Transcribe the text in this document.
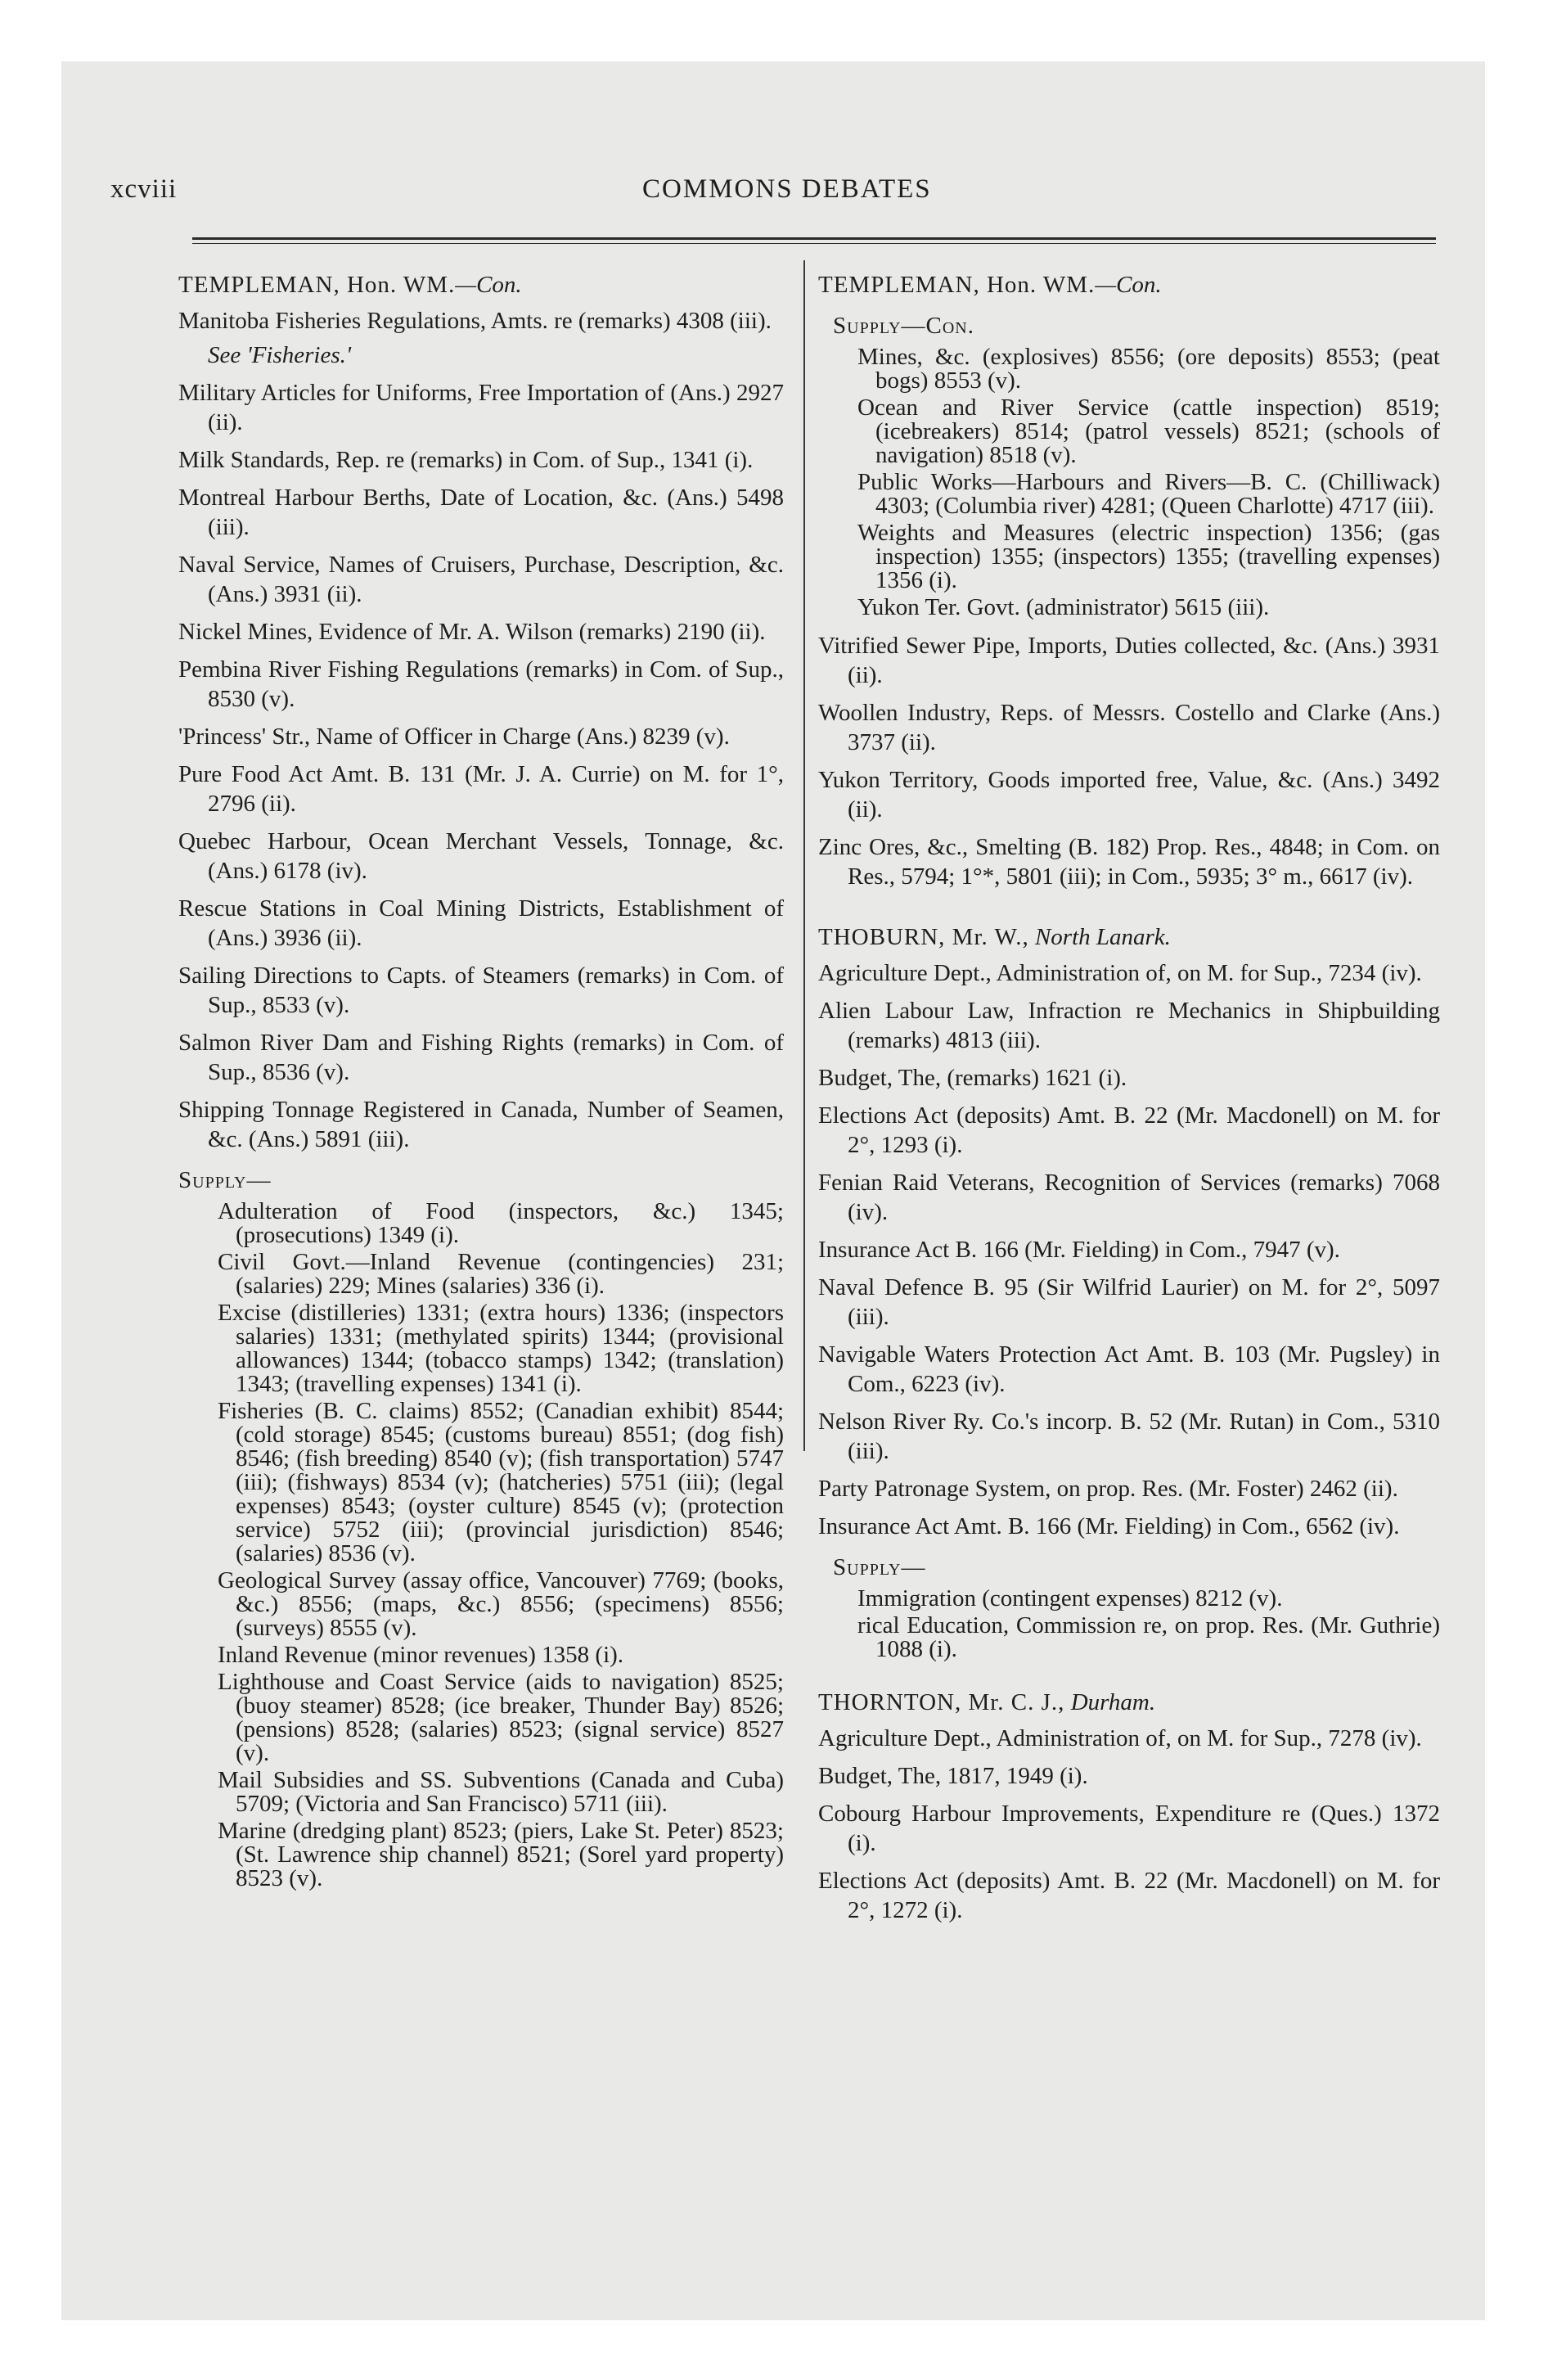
xcviii	COMMONS DEBATES
TEMPLEMAN, Hon. WM.—Con.
Manitoba Fisheries Regulations, Amts. re (remarks) 4308 (iii).
See 'Fisheries.'
Military Articles for Uniforms, Free Importation of (Ans.) 2927 (ii).
Milk Standards, Rep. re (remarks) in Com. of Sup., 1341 (i).
Montreal Harbour Berths, Date of Location, &c. (Ans.) 5498 (iii).
Naval Service, Names of Cruisers, Purchase, Description, &c. (Ans.) 3931 (ii).
Nickel Mines, Evidence of Mr. A. Wilson (remarks) 2190 (ii).
Pembina River Fishing Regulations (remarks) in Com. of Sup., 8530 (v).
'Princess' Str., Name of Officer in Charge (Ans.) 8239 (v).
Pure Food Act Amt. B. 131 (Mr. J. A. Currie) on M. for 1°, 2796 (ii).
Quebec Harbour, Ocean Merchant Vessels, Tonnage, &c. (Ans.) 6178 (iv).
Rescue Stations in Coal Mining Districts, Establishment of (Ans.) 3936 (ii).
Sailing Directions to Capts. of Steamers (remarks) in Com. of Sup., 8533 (v).
Salmon River Dam and Fishing Rights (remarks) in Com. of Sup., 8536 (v).
Shipping Tonnage Registered in Canada, Number of Seamen, &c. (Ans.) 5891 (iii).
Supply—
Adulteration of Food (inspectors, &c.) 1345; (prosecutions) 1349 (i).
Civil Govt.—Inland Revenue (contingencies) 231; (salaries) 229; Mines (salaries) 336 (i).
Excise (distilleries) 1331; (extra hours) 1336; (inspectors salaries) 1331; (methylated spirits) 1344; (provisional allowances) 1344; (tobacco stamps) 1342; (translation) 1343; (travelling expenses) 1341 (i).
Fisheries (B. C. claims) 8552; (Canadian exhibit) 8544; (cold storage) 8545; (customs bureau) 8551; (dog fish) 8546; (fish breeding) 8540 (v); (fish transportation) 5747 (iii); (fishways) 8534 (v); (hatcheries) 5751 (iii); (legal expenses) 8543; (oyster culture) 8545 (v); (protection service) 5752 (iii); (provincial jurisdiction) 8546; (salaries) 8536 (v).
Geological Survey (assay office, Vancouver) 7769; (books, &c.) 8556; (maps, &c.) 8556; (specimens) 8556; (surveys) 8555 (v).
Inland Revenue (minor revenues) 1358 (i).
Lighthouse and Coast Service (aids to navigation) 8525; (buoy steamer) 8528; (ice breaker, Thunder Bay) 8526; (pensions) 8528; (salaries) 8523; (signal service) 8527 (v).
Mail Subsidies and SS. Subventions (Canada and Cuba) 5709; (Victoria and San Francisco) 5711 (iii).
Marine (dredging plant) 8523; (piers, Lake St. Peter) 8523; (St. Lawrence ship channel) 8521; (Sorel yard property) 8523 (v).
TEMPLEMAN, Hon. WM.—Con.
Supply—Con.
Mines, &c. (explosives) 8556; (ore deposits) 8553; (peat bogs) 8553 (v).
Ocean and River Service (cattle inspection) 8519; (icebreakers) 8514; (patrol vessels) 8521; (schools of navigation) 8518 (v).
Public Works—Harbours and Rivers—B. C. (Chilliwack) 4303; (Columbia river) 4281; (Queen Charlotte) 4717 (iii).
Weights and Measures (electric inspection) 1356; (gas inspection) 1355; (inspectors) 1355; (travelling expenses) 1356 (i).
Yukon Ter. Govt. (administrator) 5615 (iii).
Vitrified Sewer Pipe, Imports, Duties collected, &c. (Ans.) 3931 (ii).
Woollen Industry, Reps. of Messrs. Costello and Clarke (Ans.) 3737 (ii).
Yukon Territory, Goods imported free, Value, &c. (Ans.) 3492 (ii).
Zinc Ores, &c., Smelting (B. 182) Prop. Res., 4848; in Com. on Res., 5794; 1°*, 5801 (iii); in Com., 5935; 3° m., 6617 (iv).
THOBURN, Mr. W., North Lanark.
Agriculture Dept., Administration of, on M. for Sup., 7234 (iv).
Alien Labour Law, Infraction re Mechanics in Shipbuilding (remarks) 4813 (iii).
Budget, The, (remarks) 1621 (i).
Elections Act (deposits) Amt. B. 22 (Mr. Macdonell) on M. for 2°, 1293 (i).
Fenian Raid Veterans, Recognition of Services (remarks) 7068 (iv).
Insurance Act B. 166 (Mr. Fielding) in Com., 7947 (v).
Naval Defence B. 95 (Sir Wilfrid Laurier) on M. for 2°, 5097 (iii).
Navigable Waters Protection Act Amt. B. 103 (Mr. Pugsley) in Com., 6223 (iv).
Nelson River Ry. Co.'s incorp. B. 52 (Mr. Rutan) in Com., 5310 (iii).
Party Patronage System, on prop. Res. (Mr. Foster) 2462 (ii).
Insurance Act Amt. B. 166 (Mr. Fielding) in Com., 6562 (iv).
Supply—
Immigration (contingent expenses) 8212 (v).
rical Education, Commission re, on prop. Res. (Mr. Guthrie) 1088 (i).
THORNTON, Mr. C. J., Durham.
Agriculture Dept., Administration of, on M. for Sup., 7278 (iv).
Budget, The, 1817, 1949 (i).
Cobourg Harbour Improvements, Expenditure re (Ques.) 1372 (i).
Elections Act (deposits) Amt. B. 22 (Mr. Macdonell) on M. for 2°, 1272 (i).
